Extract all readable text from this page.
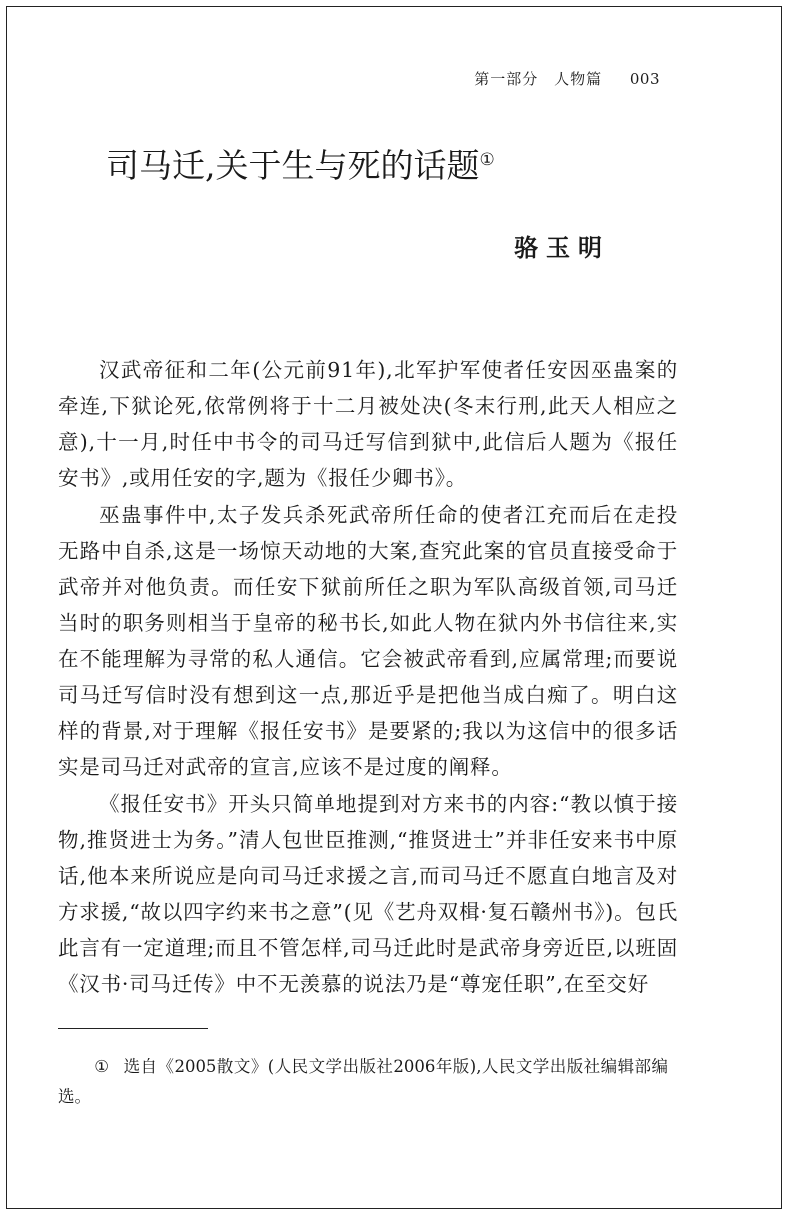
第一部分 人物篇 003
司马迁,关于生与死的话题①
骆玉明

汉武帝征和二年(公元前91年),北军护军使者任安因巫蛊案的牵连,下狱论死,依常例将于十二月被处决(冬末行刑,此天人相应之意),十一月,时任中书令的司马迁写信到狱中,此信后人题为《报任安书》,或用任安的字,题为《报任少卿书》。

巫蛊事件中,太子发兵杀死武帝所任命的使者江充而后在走投无路中自杀,这是一场惊天动地的大案,查究此案的官员直接受命于武帝并对他负责。而任安下狱前所任之职为军队高级首领,司马迁当时的职务则相当于皇帝的秘书长,如此人物在狱内外书信往来,实在不能理解为寻常的私人通信。它会被武帝看到,应属常理;而要说司马迁写信时没有想到这一点,那近乎是把他当成白痴了。明白这样的背景,对于理解《报任安书》是要紧的;我以为这信中的很多话实是司马迁对武帝的宣言,应该不是过度的阐释。

《报任安书》开头只简单地提到对方来书的内容:“教以慎于接物,推贤进士为务。”清人包世臣推测,“推贤进士”并非任安来书中原话,他本来所说应是向司马迁求援之言,而司马迁不愿直白地言及对方求援,“故以四字约来书之意”(见《艺舟双楫·复石赣州书》)。包氏此言有一定道理;而且不管怎样,司马迁此时是武帝身旁近臣,以班固《汉书·司马迁传》中不无羡慕的说法乃是“尊宠任职”,在至交好

① 选自《2005散文》(人民文学出版社2006年版),人民文学出版社编辑部编选。
